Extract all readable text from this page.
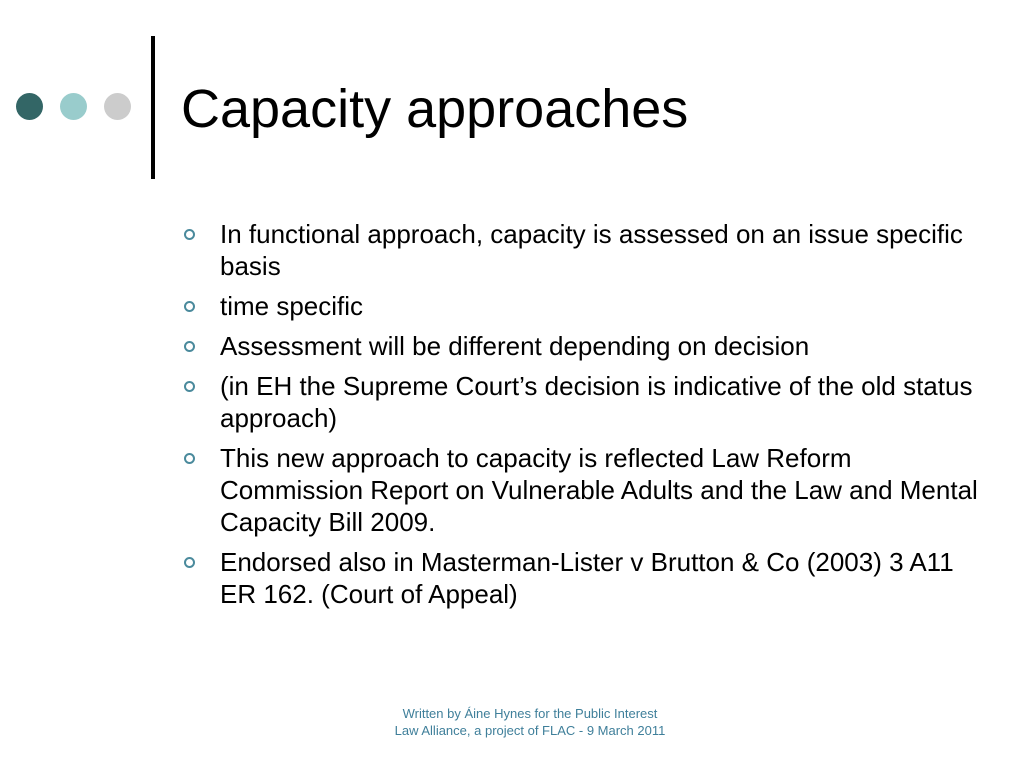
Capacity approaches
In functional approach, capacity is assessed on an issue specific basis
time specific
Assessment will be different depending on decision
(in EH the Supreme Court’s decision is indicative of the old status approach)
This new approach to capacity is reflected Law Reform Commission Report on Vulnerable Adults and the Law and Mental Capacity Bill 2009.
Endorsed also in Masterman-Lister v Brutton & Co (2003) 3 A11 ER 162. (Court of Appeal)
Written by Áine Hynes for the Public Interest
Law Alliance, a project of FLAC - 9 March 2011
